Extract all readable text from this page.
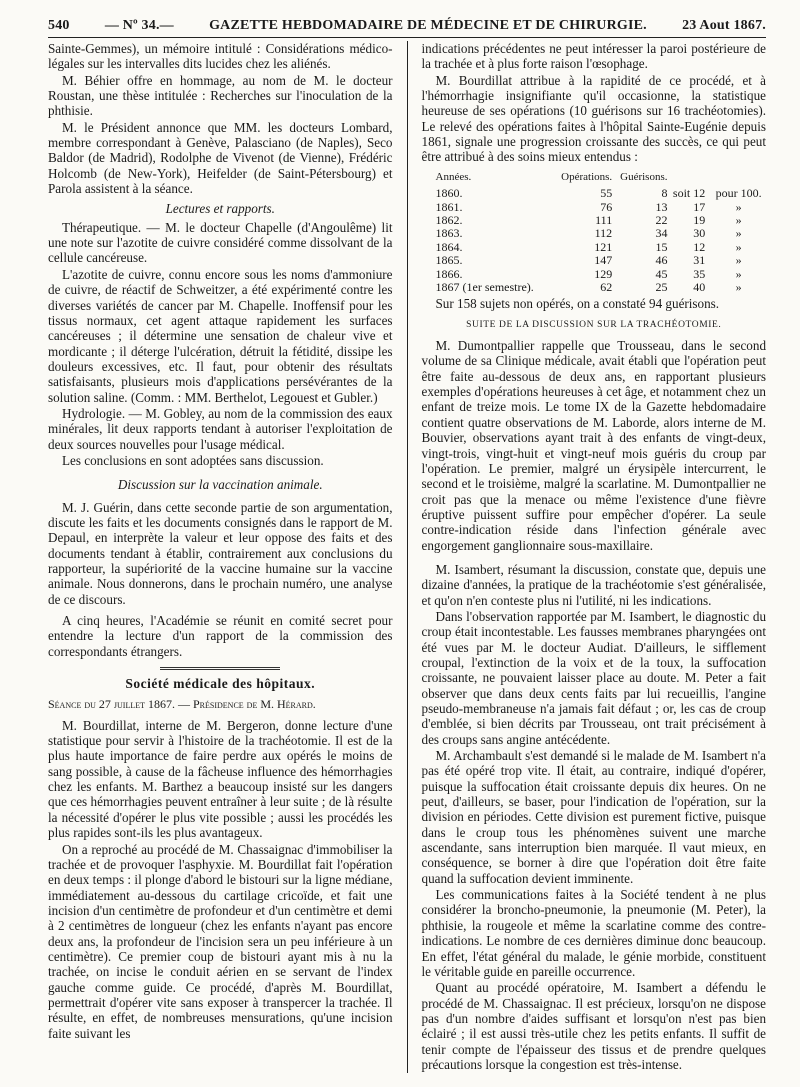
540	— Nº 34.—	GAZETTE HEBDOMADAIRE DE MÉDECINE ET DE CHIRURGIE.	23 Aout 1867.

Sainte-Gemmes), un mémoire intitulé : Considérations médico-légales sur les intervalles dits lucides chez les aliénés.

M. Béhier offre en hommage, au nom de M. le docteur Roustan, une thèse intitulée : Recherches sur l'inoculation de la phthisie.

M. le Président annonce que MM. les docteurs Lombard, membre correspondant à Genève, Palasciano (de Naples), Seco Baldor (de Madrid), Rodolphe de Vivenot (de Vienne), Frédéric Holcomb (de New-York), Heifelder (de Saint-Pétersbourg) et Parola assistent à la séance.

Lectures et rapports.

Thérapeutique. — M. le docteur Chapelle (d'Angoulême) lit une note sur l'azotite de cuivre considéré comme dissolvant de la cellule cancéreuse.

L'azotite de cuivre, connu encore sous les noms d'ammoniure de cuivre, de réactif de Schweitzer, a été expérimenté contre les diverses variétés de cancer par M. Chapelle. Inoffensif pour les tissus normaux, cet agent attaque rapidement les surfaces cancéreuses ; il détermine une sensation de chaleur vive et mordicante ; il déterge l'ulcération, détruit la fétidité, dissipe les douleurs excessives, etc. Il faut, pour obtenir des résultats satisfaisants, plusieurs mois d'applications persévérantes de la solution saline. (Comm. : MM. Berthelot, Legouest et Gubler.)

Hydrologie. — M. Gobley, au nom de la commission des eaux minérales, lit deux rapports tendant à autoriser l'exploitation de deux sources nouvelles pour l'usage médical.

Les conclusions en sont adoptées sans discussion.

Discussion sur la vaccination animale.

M. J. Guérin, dans cette seconde partie de son argumentation, discute les faits et les documents consignés dans le rapport de M. Depaul, en interprète la valeur et leur oppose des faits et des documents tendant à établir, contrairement aux conclusions du rapporteur, la supériorité de la vaccine humaine sur la vaccine animale. Nous donnerons, dans le prochain numéro, une analyse de ce discours.

A cinq heures, l'Académie se réunit en comité secret pour entendre la lecture d'un rapport de la commission des correspondants étrangers.

Société médicale des hôpitaux.

Séance du 27 juillet 1867. — Présidence de M. Hérard.

M. Bourdillat, interne de M. Bergeron, donne lecture d'une statistique pour servir à l'histoire de la trachéotomie. Il est de la plus haute importance de faire perdre aux opérés le moins de sang possible, à cause de la fâcheuse influence des hémorrhagies chez les enfants. M. Barthez a beaucoup insisté sur les dangers que ces hémorrhagies peuvent entraîner à leur suite ; de là résulte la nécessité d'opérer le plus vite possible ; aussi les procédés les plus rapides sont-ils les plus avantageux.

On a reproché au procédé de M. Chassaignac d'immobiliser la trachée et de provoquer l'asphyxie. M. Bourdillat fait l'opération en deux temps : il plonge d'abord le bistouri sur la ligne médiane, immédiatement au-dessous du cartilage cricoïde, et fait une incision d'un centimètre de profondeur et d'un centimètre et demi à 2 centimètres de longueur (chez les enfants n'ayant pas encore deux ans, la profondeur de l'incision sera un peu inférieure à un centimètre). Ce premier coup de bistouri ayant mis à nu la trachée, on incise le conduit aérien en se servant de l'index gauche comme guide. Ce procédé, d'après M. Bourdillat, permettrait d'opérer vite sans exposer à transpercer la trachée. Il résulte, en effet, de nombreuses mensurations, qu'une incision faite suivant les

indications précédentes ne peut intéresser la paroi postérieure de la trachée et à plus forte raison l'œsophage.

M. Bourdillat attribue à la rapidité de ce procédé, et à l'hémorrhagie insignifiante qu'il occasionne, la statistique heureuse de ses opérations (10 guérisons sur 16 trachéotomies). Le relevé des opérations faites à l'hôpital Sainte-Eugénie depuis 1861, signale une progression croissante des succès, ce qui peut être attribué à des soins mieux entendus :

Années.	Opérations.	Guérisons.		
1860.	55	8	soit 12	pour 100.
1861.	76	13	17	»
1862.	111	22	19	»
1863.	112	34	30	»
1864.	121	15	12	»
1865.	147	46	31	»
1866.	129	45	35	»
1867 (1er semestre).	62	25	40	»

Sur 158 sujets non opérés, on a constaté 94 guérisons.

SUITE DE LA DISCUSSION SUR LA TRACHÉOTOMIE.

M. Dumontpallier rappelle que Trousseau, dans le second volume de sa Clinique médicale, avait établi que l'opération peut être faite au-dessous de deux ans, en rapportant plusieurs exemples d'opérations heureuses à cet âge, et notamment chez un enfant de treize mois. Le tome IX de la Gazette hebdomadaire contient quatre observations de M. Laborde, alors interne de M. Bouvier, observations ayant trait à des enfants de vingt-deux, vingt-trois, vingt-huit et vingt-neuf mois guéris du croup par l'opération. Le premier, malgré un érysipèle intercurrent, le second et le troisième, malgré la scarlatine. M. Dumontpallier ne croit pas que la menace ou même l'existence d'une fièvre éruptive puissent suffire pour empêcher d'opérer. La seule contre-indication réside dans l'infection générale avec engorgement ganglionnaire sous-maxillaire.

M. Isambert, résumant la discussion, constate que, depuis une dizaine d'années, la pratique de la trachéotomie s'est généralisée, et qu'on n'en conteste plus ni l'utilité, ni les indications.

Dans l'observation rapportée par M. Isambert, le diagnostic du croup était incontestable. Les fausses membranes pharyngées ont été vues par M. le docteur Audiat. D'ailleurs, le sifflement croupal, l'extinction de la voix et de la toux, la suffocation croissante, ne pouvaient laisser place au doute. M. Peter a fait observer que dans deux cents faits par lui recueillis, l'angine pseudo-membraneuse n'a jamais fait défaut ; or, les cas de croup d'emblée, si bien décrits par Trousseau, ont trait précisément à des croups sans angine antécédente.

M. Archambault s'est demandé si le malade de M. Isambert n'a pas été opéré trop vite. Il était, au contraire, indiqué d'opérer, puisque la suffocation était croissante depuis dix heures. On ne peut, d'ailleurs, se baser, pour l'indication de l'opération, sur la division en périodes. Cette division est purement fictive, puisque dans le croup tous les phénomènes suivent une marche ascendante, sans interruption bien marquée. Il vaut mieux, en conséquence, se borner à dire que l'opération doit être faite quand la suffocation devient imminente.

Les communications faites à la Société tendent à ne plus considérer la broncho-pneumonie, la pneumonie (M. Peter), la phthisie, la rougeole et même la scarlatine comme des contre-indications. Le nombre de ces dernières diminue donc beaucoup. En effet, l'état général du malade, le génie morbide, constituent le véritable guide en pareille occurrence.

Quant au procédé opératoire, M. Isambert a défendu le procédé de M. Chassaignac. Il est précieux, lorsqu'on ne dispose pas d'un nombre d'aides suffisant et lorsqu'on n'est pas bien éclairé ; il est aussi très-utile chez les petits enfants. Il suffit de tenir compte de l'épaisseur des tissus et de prendre quelques précautions lorsque la congestion est très-intense.
